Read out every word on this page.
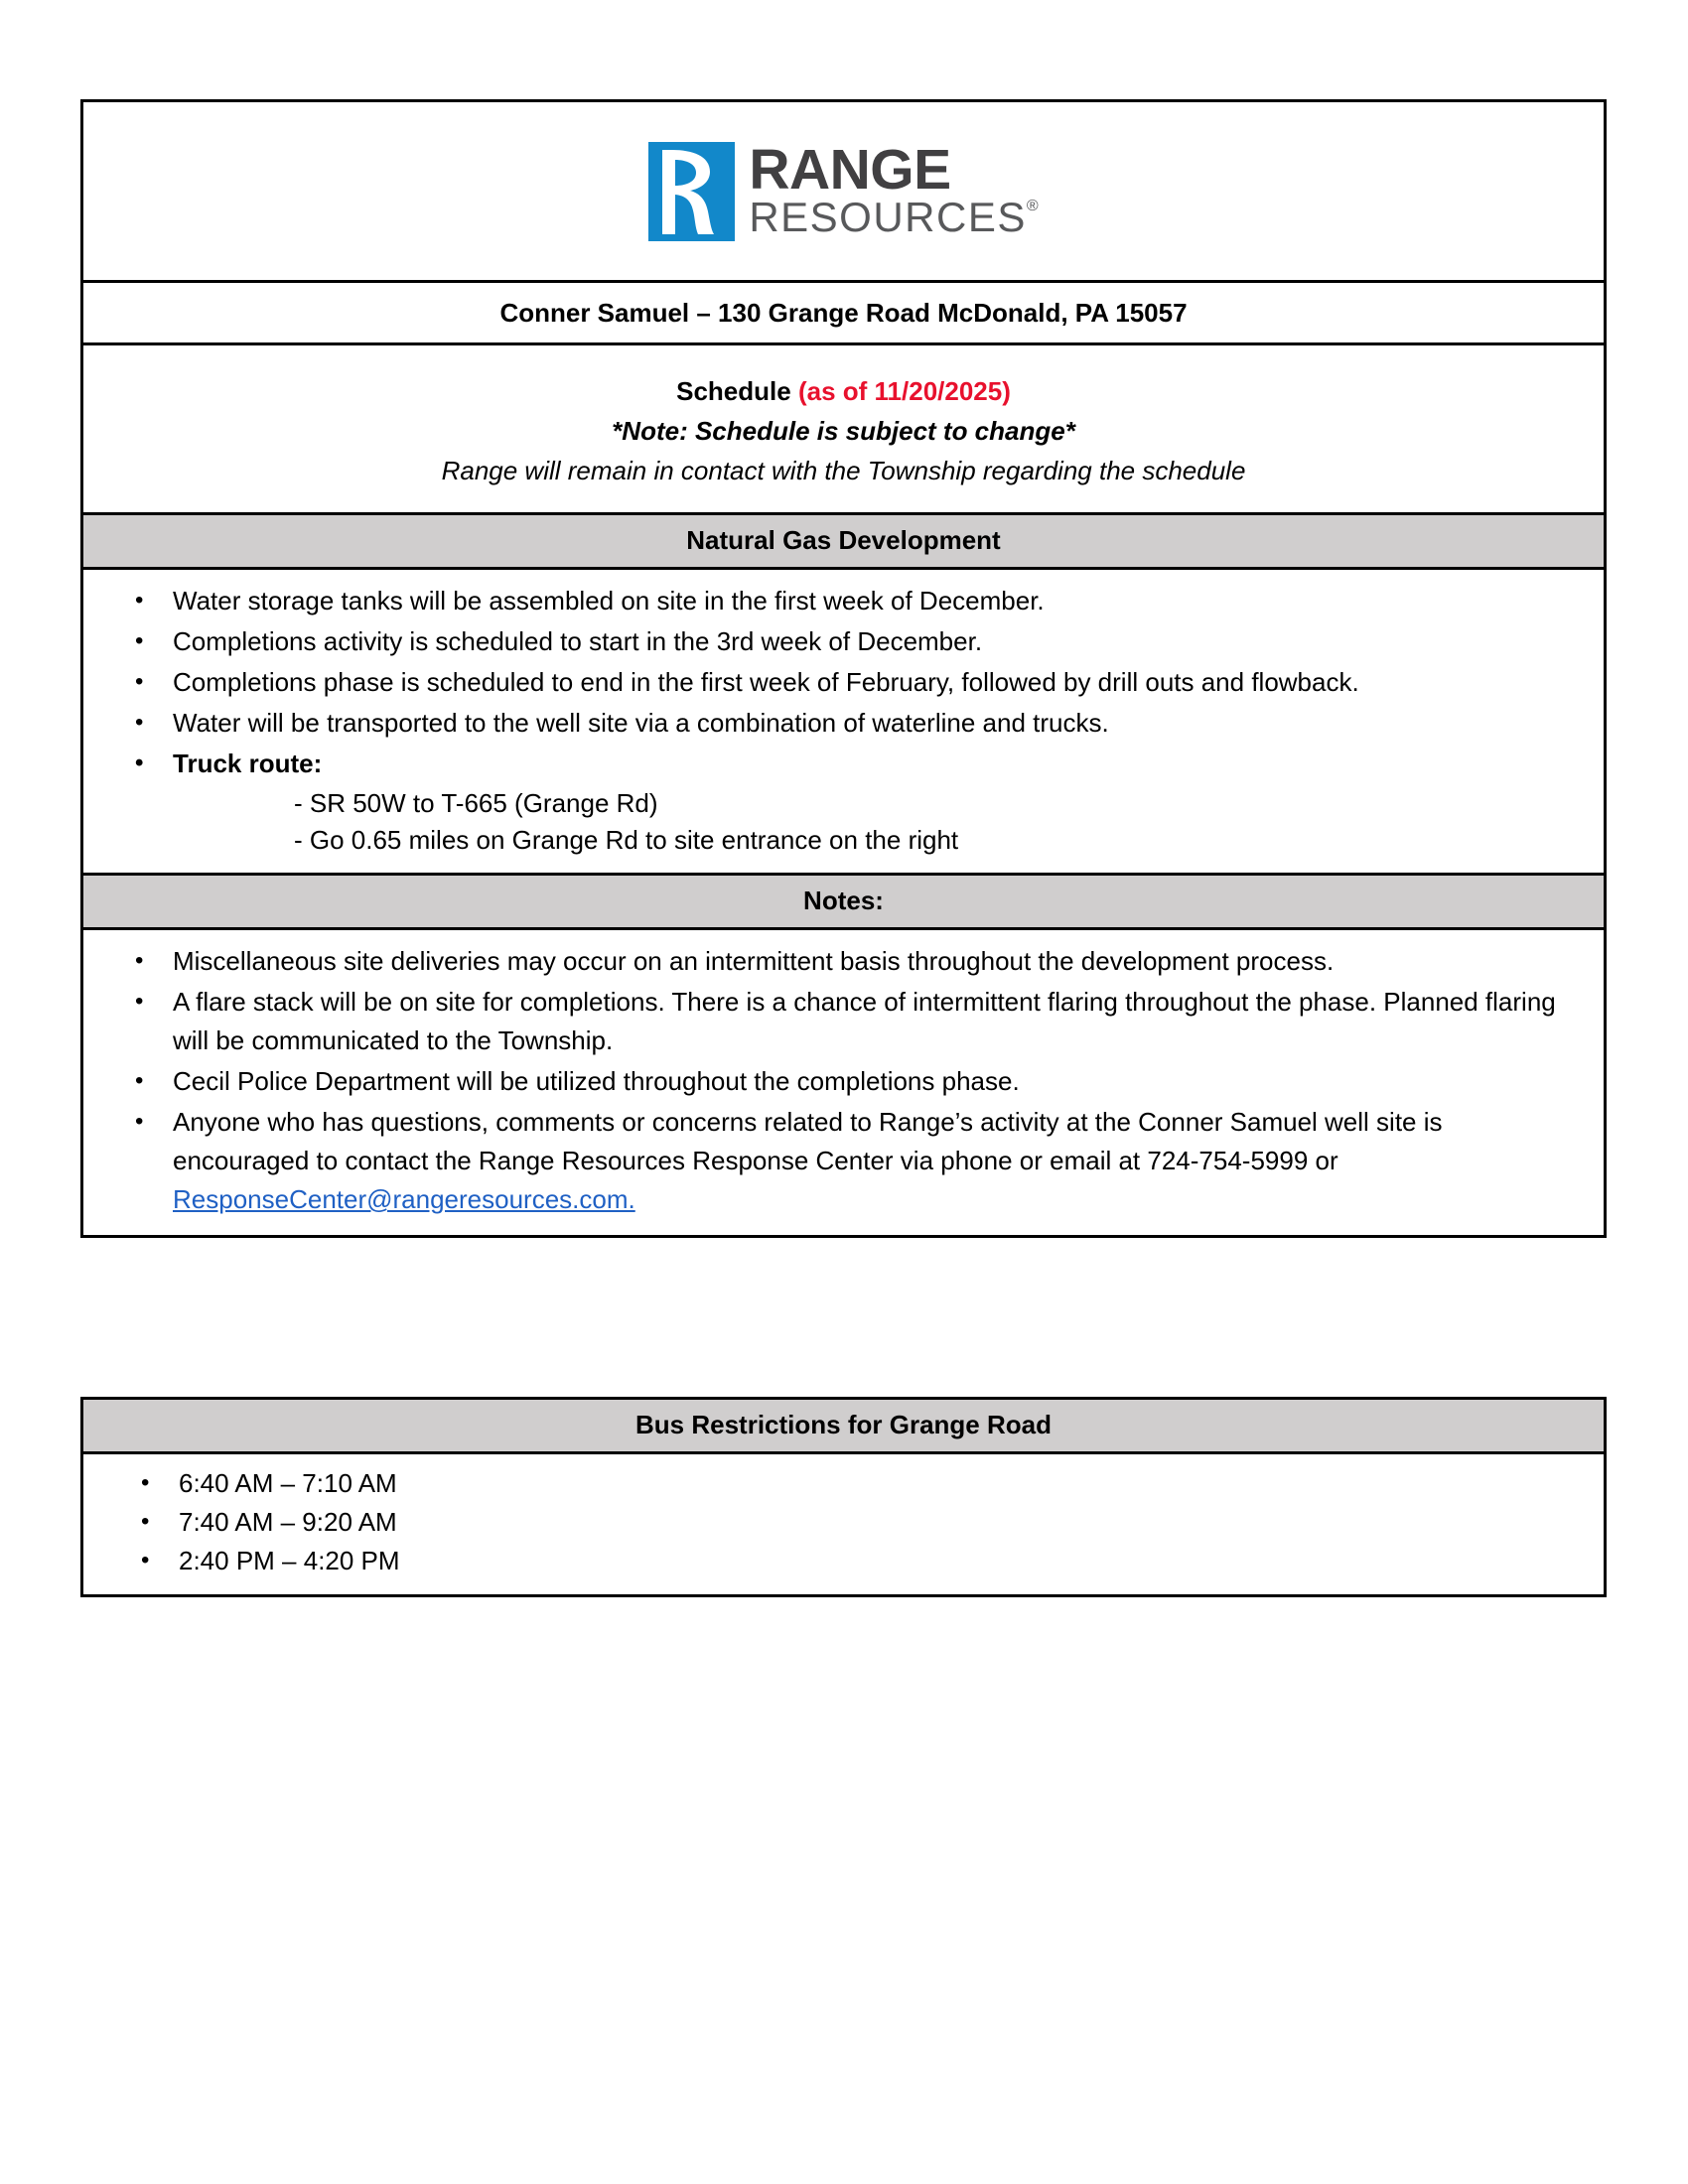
RANGE
RESOURCES ®
Conner Samuel – 130 Grange Road McDonald, PA 15057
Schedule (as of 11/20/2025)
*Note: Schedule is subject to change*
Range will remain in contact with the Township regarding the schedule
Natural Gas Development
• Water storage tanks will be assembled on site in the first week of December.
• Completions activity is scheduled to start in the 3rd week of December.
• Completions phase is scheduled to end in the first week of February, followed by drill outs and flowback.
• Water will be transported to the well site via a combination of waterline and trucks.
• Truck route:
- SR 50W to T-665 (Grange Rd)
- Go 0.65 miles on Grange Rd to site entrance on the right
Notes:
• Miscellaneous site deliveries may occur on an intermittent basis throughout the development process.
• A flare stack will be on site for completions. There is a chance of intermittent flaring throughout the phase. Planned flaring will be communicated to the Township.
• Cecil Police Department will be utilized throughout the completions phase.
• Anyone who has questions, comments or concerns related to Range’s activity at the Conner Samuel well site is encouraged to contact the Range Resources Response Center via phone or email at 724-754-5999 or ResponseCenter@rangeresources.com.
Bus Restrictions for Grange Road
• 6:40 AM – 7:10 AM
• 7:40 AM – 9:20 AM
• 2:40 PM – 4:20 PM
